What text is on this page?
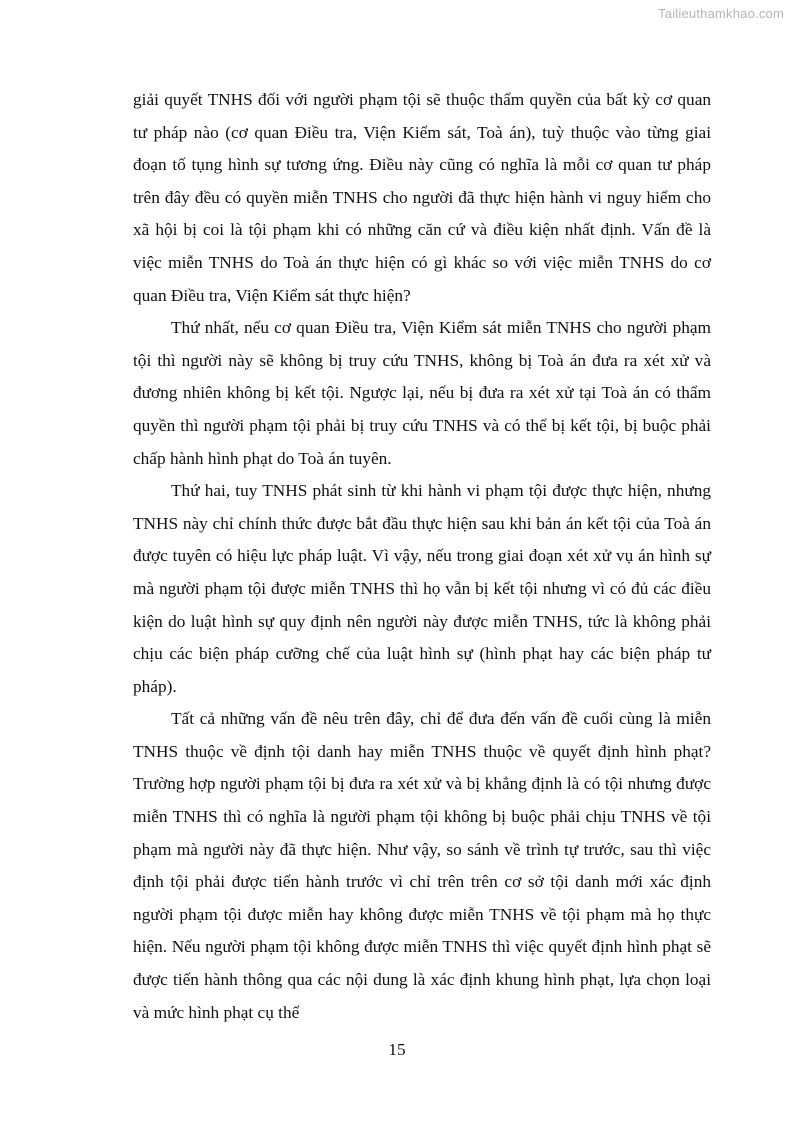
Tailieuthamkhao.com

giải quyết TNHS đối với người phạm tội sẽ thuộc thẩm quyền của bất kỳ cơ quan tư pháp nào (cơ quan Điều tra, Viện Kiểm sát, Toà án), tuỳ thuộc vào từng giai đoạn tố tụng hình sự tương ứng. Điều này cũng có nghĩa là mỗi cơ quan tư pháp trên đây đều có quyền miễn TNHS cho người đã thực hiện hành vi nguy hiểm cho xã hội bị coi là tội phạm khi có những căn cứ và điều kiện nhất định. Vấn đề là việc miễn TNHS do Toà án thực hiện có gì khác so với việc miễn TNHS do cơ quan Điều tra, Viện Kiểm sát thực hiện?

Thứ nhất, nếu cơ quan Điều tra, Viện Kiểm sát miễn TNHS cho người phạm tội thì người này sẽ không bị truy cứu TNHS, không bị Toà án đưa ra xét xử và đương nhiên không bị kết tội. Ngược lại, nếu bị đưa ra xét xử tại Toà án có thẩm quyền thì người phạm tội phải bị truy cứu TNHS và có thể bị kết tội, bị buộc phải chấp hành hình phạt do Toà án tuyên.

Thứ hai, tuy TNHS phát sinh từ khi hành vi phạm tội được thực hiện, nhưng TNHS này chỉ chính thức được bắt đầu thực hiện sau khi bản án kết tội của Toà án được tuyên có hiệu lực pháp luật. Vì vậy, nếu trong giai đoạn xét xử vụ án hình sự mà người phạm tội được miễn TNHS thì họ vẫn bị kết tội nhưng vì có đủ các điều kiện do luật hình sự quy định nên người này được miễn TNHS, tức là không phải chịu các biện pháp cưỡng chế của luật hình sự (hình phạt hay các biện pháp tư pháp).

Tất cả những vấn đề nêu trên đây, chỉ để đưa đến vấn đề cuối cùng là miễn TNHS thuộc về định tội danh hay miễn TNHS thuộc về quyết định hình phạt? Trường hợp người phạm tội bị đưa ra xét xử và bị khẳng định là có tội nhưng được miễn TNHS thì có nghĩa là người phạm tội không bị buộc phải chịu TNHS về tội phạm mà người này đã thực hiện. Như vậy, so sánh về trình tự trước, sau thì việc định tội phải được tiến hành trước vì chỉ trên trên cơ sở tội danh mới xác định người phạm tội được miễn hay không được miễn TNHS về tội phạm mà họ thực hiện. Nếu người phạm tội không được miễn TNHS thì việc quyết định hình phạt sẽ được tiến hành thông qua các nội dung là xác định khung hình phạt, lựa chọn loại và mức hình phạt cụ thể

15
